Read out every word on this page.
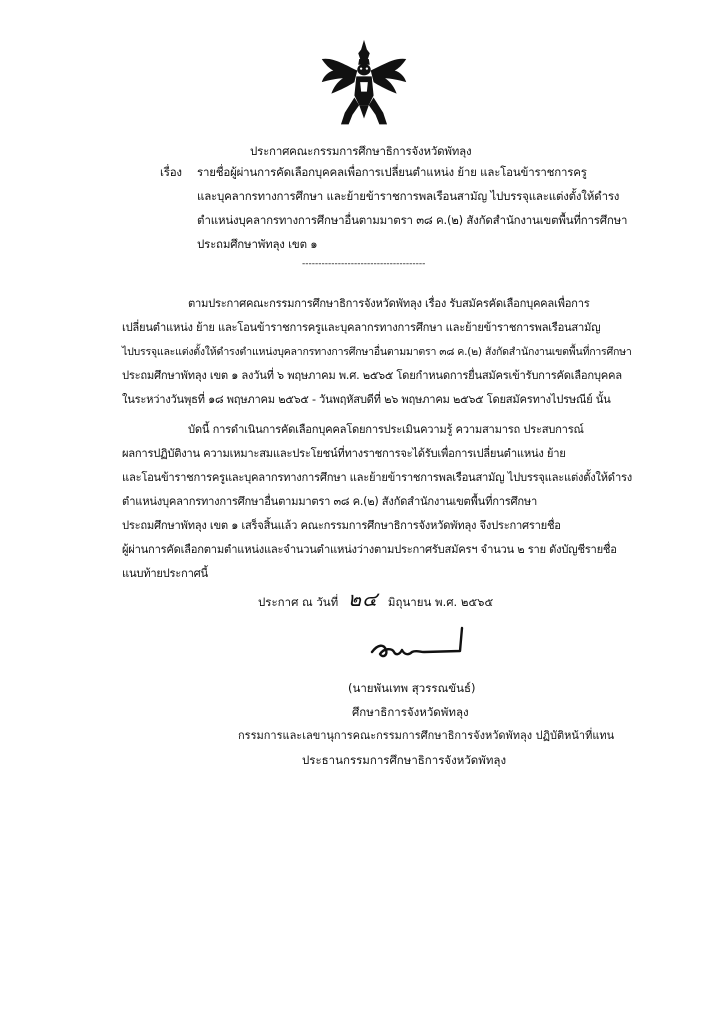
ประกาศคณะกรรมการศึกษาธิการจังหวัดพัทลุง
เรื่อง รายชื่อผู้ผ่านการคัดเลือกบุคคลเพื่อการเปลี่ยนตำแหน่ง ย้าย และโอนข้าราชการครู
และบุคลากรทางการศึกษา และย้ายข้าราชการพลเรือนสามัญ ไปบรรจุและแต่งตั้งให้ดำรง
ตำแหน่งบุคลากรทางการศึกษาอื่นตามมาตรา ๓๘ ค.(๒) สังกัดสำนักงานเขตพื้นที่การศึกษา
ประถมศึกษาพัทลุง เขต ๑
--------------------------------------
ตามประกาศคณะกรรมการศึกษาธิการจังหวัดพัทลุง เรื่อง รับสมัครคัดเลือกบุคคลเพื่อการ
เปลี่ยนตำแหน่ง ย้าย และโอนข้าราชการครูและบุคลากรทางการศึกษา และย้ายข้าราชการพลเรือนสามัญ
ไปบรรจุและแต่งตั้งให้ดำรงตำแหน่งบุคลากรทางการศึกษาอื่นตามมาตรา ๓๘ ค.(๒) สังกัดสำนักงานเขตพื้นที่การศึกษา
ประถมศึกษาพัทลุง เขต ๑ ลงวันที่ ๖ พฤษภาคม พ.ศ. ๒๕๖๕ โดยกำหนดการยื่นสมัครเข้ารับการคัดเลือกบุคคล
ในระหว่างวันพุธที่ ๑๘ พฤษภาคม ๒๕๖๕ - วันพฤหัสบดีที่ ๒๖ พฤษภาคม ๒๕๖๕ โดยสมัครทางไปรษณีย์ นั้น
บัดนี้ การดำเนินการคัดเลือกบุคคลโดยการประเมินความรู้ ความสามารถ ประสบการณ์
ผลการปฏิบัติงาน ความเหมาะสมและประโยชน์ที่ทางราชการจะได้รับเพื่อการเปลี่ยนตำแหน่ง ย้าย
และโอนข้าราชการครูและบุคลากรทางการศึกษา และย้ายข้าราชการพลเรือนสามัญ ไปบรรจุและแต่งตั้งให้ดำรง
ตำแหน่งบุคลากรทางการศึกษาอื่นตามมาตรา ๓๘ ค.(๒) สังกัดสำนักงานเขตพื้นที่การศึกษา
ประถมศึกษาพัทลุง เขต ๑ เสร็จสิ้นแล้ว คณะกรรมการศึกษาธิการจังหวัดพัทลุง จึงประกาศรายชื่อ
ผู้ผ่านการคัดเลือกตามตำแหน่งและจำนวนตำแหน่งว่างตามประกาศรับสมัครฯ จำนวน ๒ ราย ดังบัญชีรายชื่อ
แนบท้ายประกาศนี้
ประกาศ ณ วันที่ ๒๔ มิถุนายน พ.ศ. ๒๕๖๕
(นายพันเทพ สุวรรณขันธ์)
ศึกษาธิการจังหวัดพัทลุง
กรรมการและเลขานุการคณะกรรมการศึกษาธิการจังหวัดพัทลุง ปฏิบัติหน้าที่แทน
ประธานกรรมการศึกษาธิการจังหวัดพัทลุง
